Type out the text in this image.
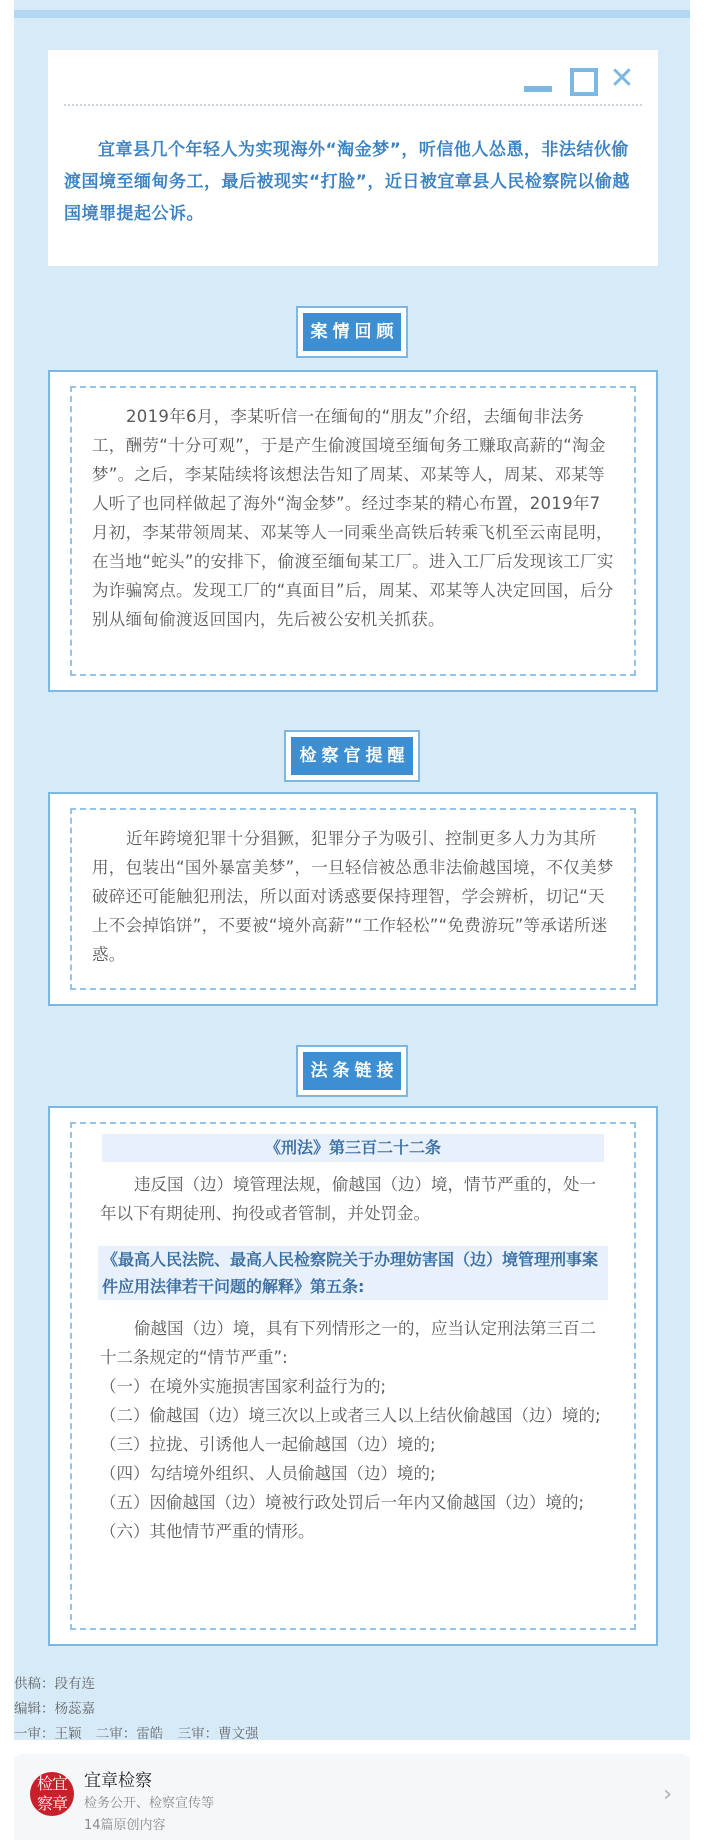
✕
宜章县几个年轻人为实现海外“淘金梦”，听信他人怂恿，非法结伙偷渡国境至缅甸务工，最后被现实“打脸”，近日被宜章县人民检察院以偷越国境罪提起公诉。
案情回顾
2019年6月，李某听信一在缅甸的“朋友”介绍，去缅甸非法务工，酬劳“十分可观”，于是产生偷渡国境至缅甸务工赚取高薪的“淘金梦”。之后，李某陆续将该想法告知了周某、邓某等人，周某、邓某等人听了也同样做起了海外“淘金梦”。经过李某的精心布置，2019年7月初，李某带领周某、邓某等人一同乘坐高铁后转乘飞机至云南昆明，在当地“蛇头”的安排下，偷渡至缅甸某工厂。进入工厂后发现该工厂实为诈骗窝点。发现工厂的“真面目”后，周某、邓某等人决定回国，后分别从缅甸偷渡返回国内，先后被公安机关抓获。
检察官提醒
近年跨境犯罪十分猖獗，犯罪分子为吸引、控制更多人力为其所用，包装出“国外暴富美梦”，一旦轻信被怂恿非法偷越国境，不仅美梦破碎还可能触犯刑法，所以面对诱惑要保持理智，学会辨析，切记“天上不会掉馅饼”，不要被“境外高薪”“工作轻松”“免费游玩”等承诺所迷惑。
法条链接
《刑法》第三百二十二条
违反国（边）境管理法规，偷越国（边）境，情节严重的，处一年以下有期徒刑、拘役或者管制，并处罚金。
《最高人民法院、最高人民检察院关于办理妨害国（边）境管理刑事案件应用法律若干问题的解释》第五条:
偷越国（边）境，具有下列情形之一的，应当认定刑法第三百二十二条规定的“情节严重”:
（一）在境外实施损害国家利益行为的;
（二）偷越国（边）境三次以上或者三人以上结伙偷越国（边）境的;
（三）拉拢、引诱他人一起偷越国（边）境的;
（四）勾结境外组织、人员偷越国（边）境的;
（五）因偷越国（边）境被行政处罚后一年内又偷越国（边）境的;
（六）其他情节严重的情形。
供稿：段有连
编辑：杨蕊嘉
一审：王颖 二审：雷皓 三审：曹文强
检宜察章
宜章检察
检务公开、检察宣传等
14篇原创内容
›
